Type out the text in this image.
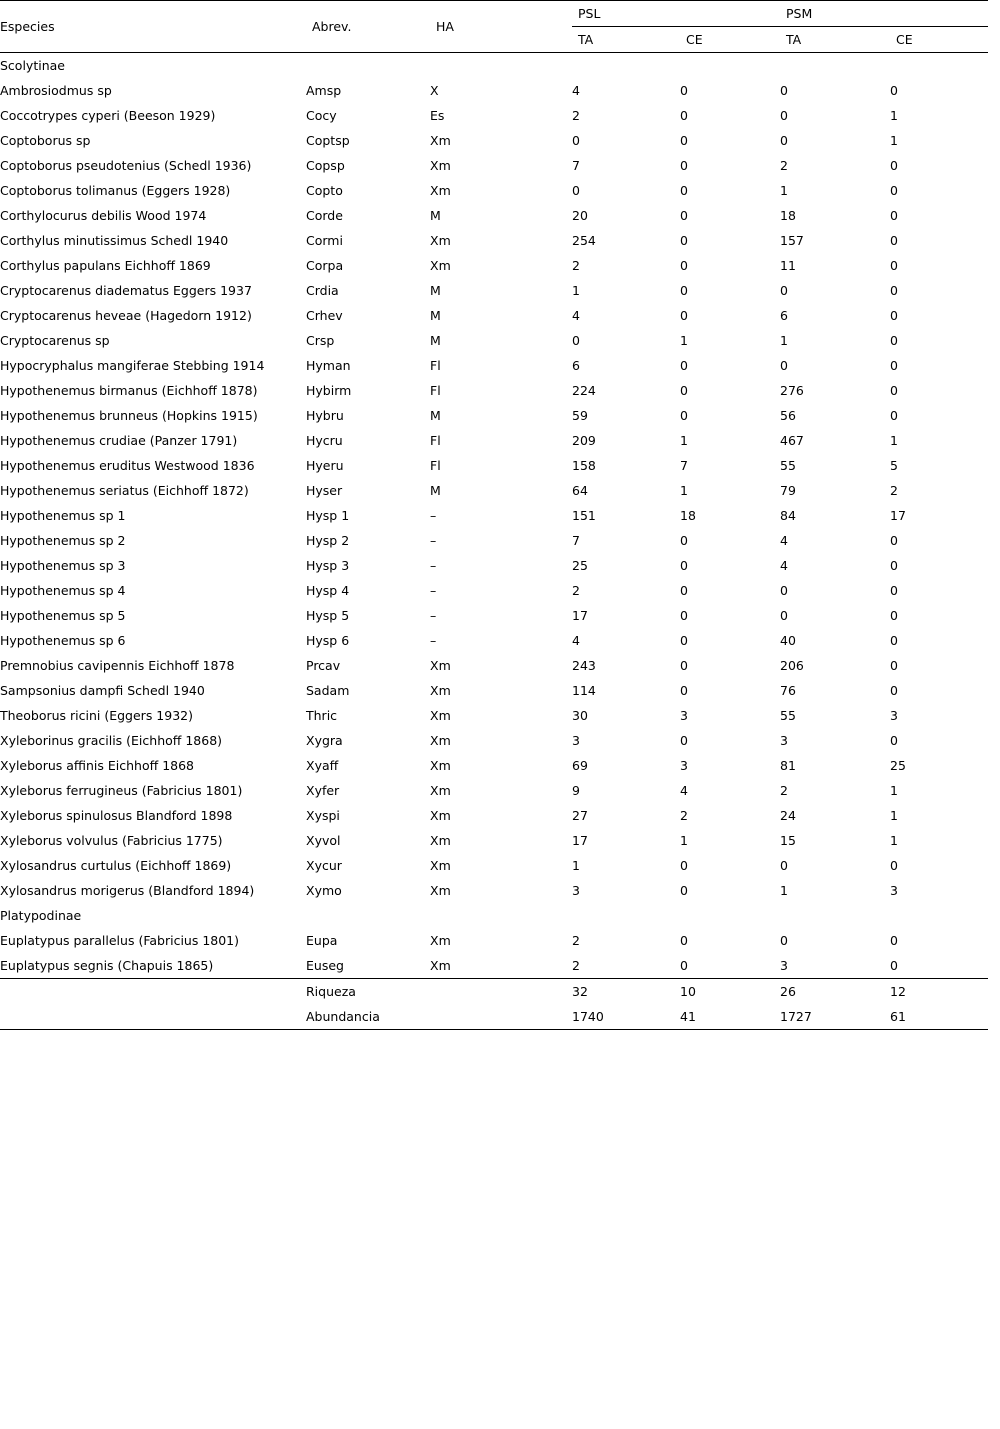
Especies	Abrev.	HA	PSL		PSM	
			TA	CE	TA	CE

Scolytinae						
Ambrosiodmus sp	Amsp	X	4	0	0	0
Coccotrypes cyperi (Beeson 1929)	Cocy	Es	2	0	0	1
Coptoborus sp	Coptsp	Xm	0	0	0	1
Coptoborus pseudotenius (Schedl 1936)	Copsp	Xm	7	0	2	0
Coptoborus tolimanus (Eggers 1928)	Copto	Xm	0	0	1	0
Corthylocurus debilis Wood 1974	Corde	M	20	0	18	0
Corthylus minutissimus Schedl 1940	Cormi	Xm	254	0	157	0
Corthylus papulans Eichhoff 1869	Corpa	Xm	2	0	11	0
Cryptocarenus diadematus Eggers 1937	Crdia	M	1	0	0	0
Cryptocarenus heveae (Hagedorn 1912)	Crhev	M	4	0	6	0
Cryptocarenus sp	Crsp	M	0	1	1	0
Hypocryphalus mangiferae Stebbing 1914	Hyman	Fl	6	0	0	0
Hypothenemus birmanus (Eichhoff 1878)	Hybirm	Fl	224	0	276	0
Hypothenemus brunneus (Hopkins 1915)	Hybru	M	59	0	56	0
Hypothenemus crudiae (Panzer 1791)	Hycru	Fl	209	1	467	1
Hypothenemus eruditus Westwood 1836	Hyeru	Fl	158	7	55	5
Hypothenemus seriatus (Eichhoff 1872)	Hyser	M	64	1	79	2
Hypothenemus sp 1	Hysp 1	–	151	18	84	17
Hypothenemus sp 2	Hysp 2	–	7	0	4	0
Hypothenemus sp 3	Hysp 3	–	25	0	4	0
Hypothenemus sp 4	Hysp 4	–	2	0	0	0
Hypothenemus sp 5	Hysp 5	–	17	0	0	0
Hypothenemus sp 6	Hysp 6	–	4	0	40	0
Premnobius cavipennis Eichhoff 1878	Prcav	Xm	243	0	206	0
Sampsonius dampfi Schedl 1940	Sadam	Xm	114	0	76	0
Theoborus ricini (Eggers 1932)	Thric	Xm	30	3	55	3
Xyleborinus gracilis (Eichhoff 1868)	Xygra	Xm	3	0	3	0
Xyleborus affinis Eichhoff 1868	Xyaff	Xm	69	3	81	25
Xyleborus ferrugineus (Fabricius 1801)	Xyfer	Xm	9	4	2	1
Xyleborus spinulosus Blandford 1898	Xyspi	Xm	27	2	24	1
Xyleborus volvulus (Fabricius 1775)	Xyvol	Xm	17	1	15	1
Xylosandrus curtulus (Eichhoff 1869)	Xycur	Xm	1	0	0	0
Xylosandrus morigerus (Blandford 1894)	Xymo	Xm	3	0	1	3
Platypodinae						
Euplatypus parallelus (Fabricius 1801)	Eupa	Xm	2	0	0	0
Euplatypus segnis (Chapuis 1865)	Euseg	Xm	2	0	3	0

	Riqueza		32	10	26	12
	Abundancia		1740	41	1727	61
